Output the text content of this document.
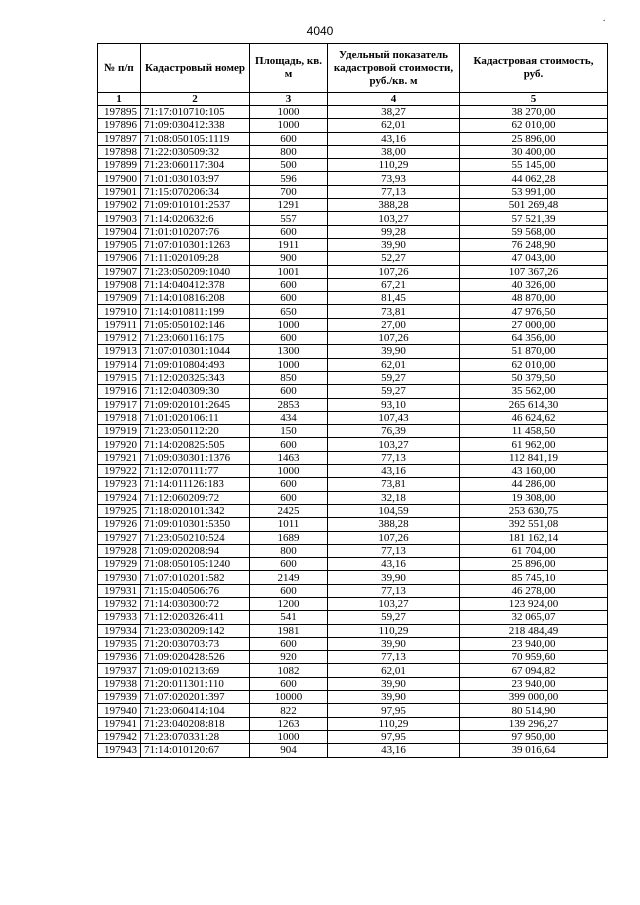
4040
.
№ п/п	Кадастровый номер	Площадь, кв. м	Удельный показатель кадастровой стоимости, руб./кв. м	Кадастровая стоимость, руб.
1	2	3	4	5
197895	71:17:010710:105	1000	38,27	38 270,00
197896	71:09:030412:338	1000	62,01	62 010,00
197897	71:08:050105:1119	600	43,16	25 896,00
197898	71:22:030509:32	800	38,00	30 400,00
197899	71:23:060117:304	500	110,29	55 145,00
197900	71:01:030103:97	596	73,93	44 062,28
197901	71:15:070206:34	700	77,13	53 991,00
197902	71:09:010101:2537	1291	388,28	501 269,48
197903	71:14:020632:6	557	103,27	57 521,39
197904	71:01:010207:76	600	99,28	59 568,00
197905	71:07:010301:1263	1911	39,90	76 248,90
197906	71:11:020109:28	900	52,27	47 043,00
197907	71:23:050209:1040	1001	107,26	107 367,26
197908	71:14:040412:378	600	67,21	40 326,00
197909	71:14:010816:208	600	81,45	48 870,00
197910	71:14:010811:199	650	73,81	47 976,50
197911	71:05:050102:146	1000	27,00	27 000,00
197912	71:23:060116:175	600	107,26	64 356,00
197913	71:07:010301:1044	1300	39,90	51 870,00
197914	71:09:010804:493	1000	62,01	62 010,00
197915	71:12:020325:343	850	59,27	50 379,50
197916	71:12:040309:30	600	59,27	35 562,00
197917	71:09:020101:2645	2853	93,10	265 614,30
197918	71:01:020106:11	434	107,43	46 624,62
197919	71:23:050112:20	150	76,39	11 458,50
197920	71:14:020825:505	600	103,27	61 962,00
197921	71:09:030301:1376	1463	77,13	112 841,19
197922	71:12:070111:77	1000	43,16	43 160,00
197923	71:14:011126:183	600	73,81	44 286,00
197924	71:12:060209:72	600	32,18	19 308,00
197925	71:18:020101:342	2425	104,59	253 630,75
197926	71:09:010301:5350	1011	388,28	392 551,08
197927	71:23:050210:524	1689	107,26	181 162,14
197928	71:09:020208:94	800	77,13	61 704,00
197929	71:08:050105:1240	600	43,16	25 896,00
197930	71:07:010201:582	2149	39,90	85 745,10
197931	71:15:040506:76	600	77,13	46 278,00
197932	71:14:030300:72	1200	103,27	123 924,00
197933	71:12:020326:411	541	59,27	32 065,07
197934	71:23:030209:142	1981	110,29	218 484,49
197935	71:20:030703:73	600	39,90	23 940,00
197936	71:09:020428:526	920	77,13	70 959,60
197937	71:09:010213:69	1082	62,01	67 094,82
197938	71:20:011301:110	600	39,90	23 940,00
197939	71:07:020201:397	10000	39,90	399 000,00
197940	71:23:060414:104	822	97,95	80 514,90
197941	71:23:040208:818	1263	110,29	139 296,27
197942	71:23:070331:28	1000	97,95	97 950,00
197943	71:14:010120:67	904	43,16	39 016,64
